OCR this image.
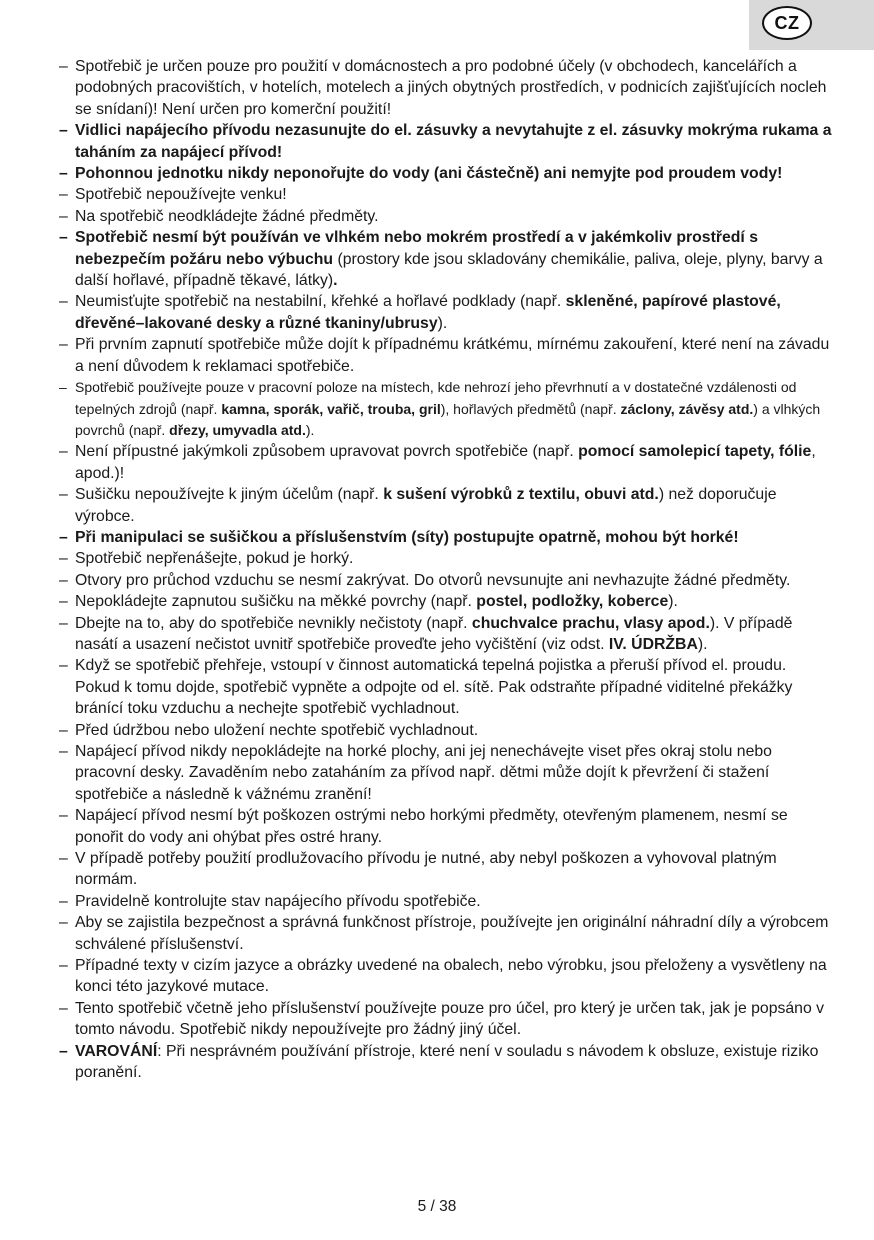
CZ
– Spotřebič je určen pouze pro použití v domácnostech a pro podobné účely (v obchodech, kancelářích a podobných pracovištích, v hotelích, motelech a jiných obytných prostředích, v podnicích zajišťujících nocleh se snídaní)! Není určen pro komerční použití!
– Vidlici napájecího přívodu nezasunujte do el. zásuvky a nevytahujte z el. zásuvky mokrýma rukama a taháním za napájecí přívod!
– Pohonnou jednotku nikdy neponořujte do vody (ani částečně) ani nemyjte pod proudem vody!
– Spotřebič nepoužívejte venku!
– Na spotřebič neodkládejte žádné předměty.
– Spotřebič nesmí být používán ve vlhkém nebo mokrém prostředí a v jakémkoliv prostředí s nebezpečím požáru nebo výbuchu (prostory kde jsou skladovány chemikálie, paliva, oleje, plyny, barvy a další hořlavé, případně těkavé, látky).
– Neumisťujte spotřebič na nestabilní, křehké a hořlavé podklady (např. skleněné, papírové plastové, dřevěné–lakované desky a různé tkaniny/ubrusy).
– Při prvním zapnutí spotřebiče může dojít k případnému krátkému, mírnému zakouření, které není na závadu a není důvodem k reklamaci spotřebiče.
– Spotřebič používejte pouze v pracovní poloze na místech, kde nehrozí jeho převrhnutí a v dostatečné vzdálenosti od tepelných zdrojů (např. kamna, sporák, vařič, trouba, gril), hořlavých předmětů (např. záclony, závěsy atd.) a vlhkých povrchů (např. dřezy, umyvadla atd.).
– Není přípustné jakýmkoli způsobem upravovat povrch spotřebiče (např. pomocí samolepicí tapety, fólie, apod.)!
– Sušičku nepoužívejte k jiným účelům (např. k sušení výrobků z textilu, obuvi atd.) než doporučuje výrobce.
– Při manipulaci se sušičkou a příslušenstvím (síty) postupujte opatrně, mohou být horké!
– Spotřebič nepřenášejte, pokud je horký.
– Otvory pro průchod vzduchu se nesmí zakrývat. Do otvorů nevsunujte ani nevhazujte žádné předměty.
– Nepokládejte zapnutou sušičku na měkké povrchy (např. postel, podložky, koberce).
– Dbejte na to, aby do spotřebiče nevnikly nečistoty (např. chuchvalce prachu, vlasy apod.). V případě nasátí a usazení nečistot uvnitř spotřebiče proveďte jeho vyčištění (viz odst. IV. ÚDRŽBA).
– Když se spotřebič přehřeje, vstoupí v činnost automatická tepelná pojistka a přeruší přívod el. proudu. Pokud k tomu dojde, spotřebič vypněte a odpojte od el. sítě. Pak odstraňte případné viditelné překážky bránící toku vzduchu a nechejte spotřebič vychladnout.
– Před údržbou nebo uložení nechte spotřebič vychladnout.
– Napájecí přívod nikdy nepokládejte na horké plochy, ani jej nenechávejte viset přes okraj stolu nebo pracovní desky. Zavaděním nebo zataháním za přívod např. dětmi může dojít k převržení či stažení spotřebiče a následně k vážnému zranění!
– Napájecí přívod nesmí být poškozen ostrými nebo horkými předměty, otevřeným plamenem, nesmí se ponořit do vody ani ohýbat přes ostré hrany.
– V případě potřeby použití prodlužovacího přívodu je nutné, aby nebyl poškozen a vyhovoval platným normám.
– Pravidelně kontrolujte stav napájecího přívodu spotřebiče.
– Aby se zajistila bezpečnost a správná funkčnost přístroje, používejte jen originální náhradní díly a výrobcem schválené příslušenství.
– Případné texty v cizím jazyce a obrázky uvedené na obalech, nebo výrobku, jsou přeloženy a vysvětleny na konci této jazykové mutace.
– Tento spotřebič včetně jeho příslušenství používejte pouze pro účel, pro který je určen tak, jak je popsáno v tomto návodu. Spotřebič nikdy nepoužívejte pro žádný jiný účel.
– VAROVÁNÍ: Při nesprávném používání přístroje, které není v souladu s návodem k obsluze, existuje riziko poranění.
5 / 38
